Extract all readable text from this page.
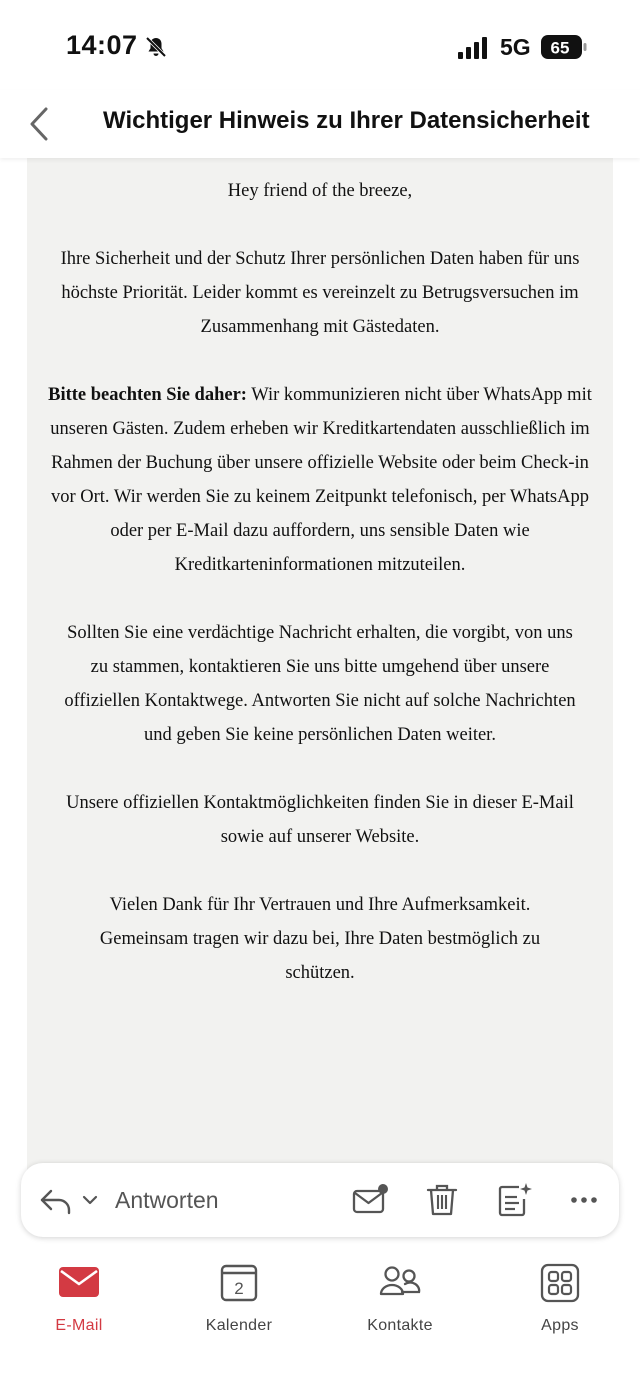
14:07	5G 65
Wichtiger Hinweis zu Ihrer Datensicherheit

Hey friend of the breeze,

Ihre Sicherheit und der Schutz Ihrer persönlichen Daten haben für uns höchste Priorität. Leider kommt es vereinzelt zu Betrugsversuchen im Zusammenhang mit Gästedaten.

Bitte beachten Sie daher: Wir kommunizieren nicht über WhatsApp mit unseren Gästen. Zudem erheben wir Kreditkartendaten ausschließlich im Rahmen der Buchung über unsere offizielle Website oder beim Check-in vor Ort. Wir werden Sie zu keinem Zeitpunkt telefonisch, per WhatsApp oder per E-Mail dazu auffordern, uns sensible Daten wie Kreditkarteninformationen mitzuteilen.

Sollten Sie eine verdächtige Nachricht erhalten, die vorgibt, von uns zu stammen, kontaktieren Sie uns bitte umgehend über unsere offiziellen Kontaktwege. Antworten Sie nicht auf solche Nachrichten und geben Sie keine persönlichen Daten weiter.

Unsere offiziellen Kontaktmöglichkeiten finden Sie in dieser E-Mail sowie auf unserer Website.

Vielen Dank für Ihr Vertrauen und Ihre Aufmerksamkeit. Gemeinsam tragen wir dazu bei, Ihre Daten bestmöglich zu schützen.

Antworten
E-Mail
2
Kalender	Kontakte	Apps
